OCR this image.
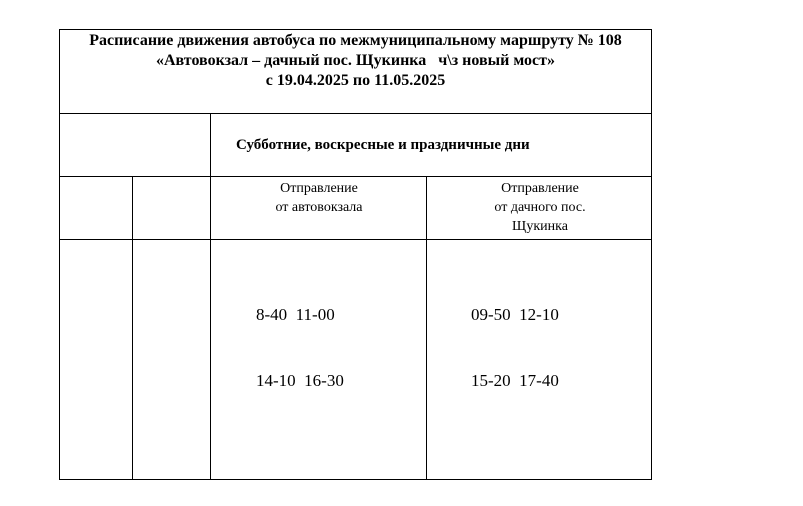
Расписание движения автобуса по межмуниципальному маршруту № 108
«Автовокзал – дачный пос. Щукинка   ч\з новый мост»
с 19.04.2025 по 11.05.2025
Субботние, воскресные и праздничные дни
Отправление
от автовокзала
Отправление
от дачного пос.
Щукинка

8-40  11-00

14-10  16-30

09-50  12-10

15-20  17-40
